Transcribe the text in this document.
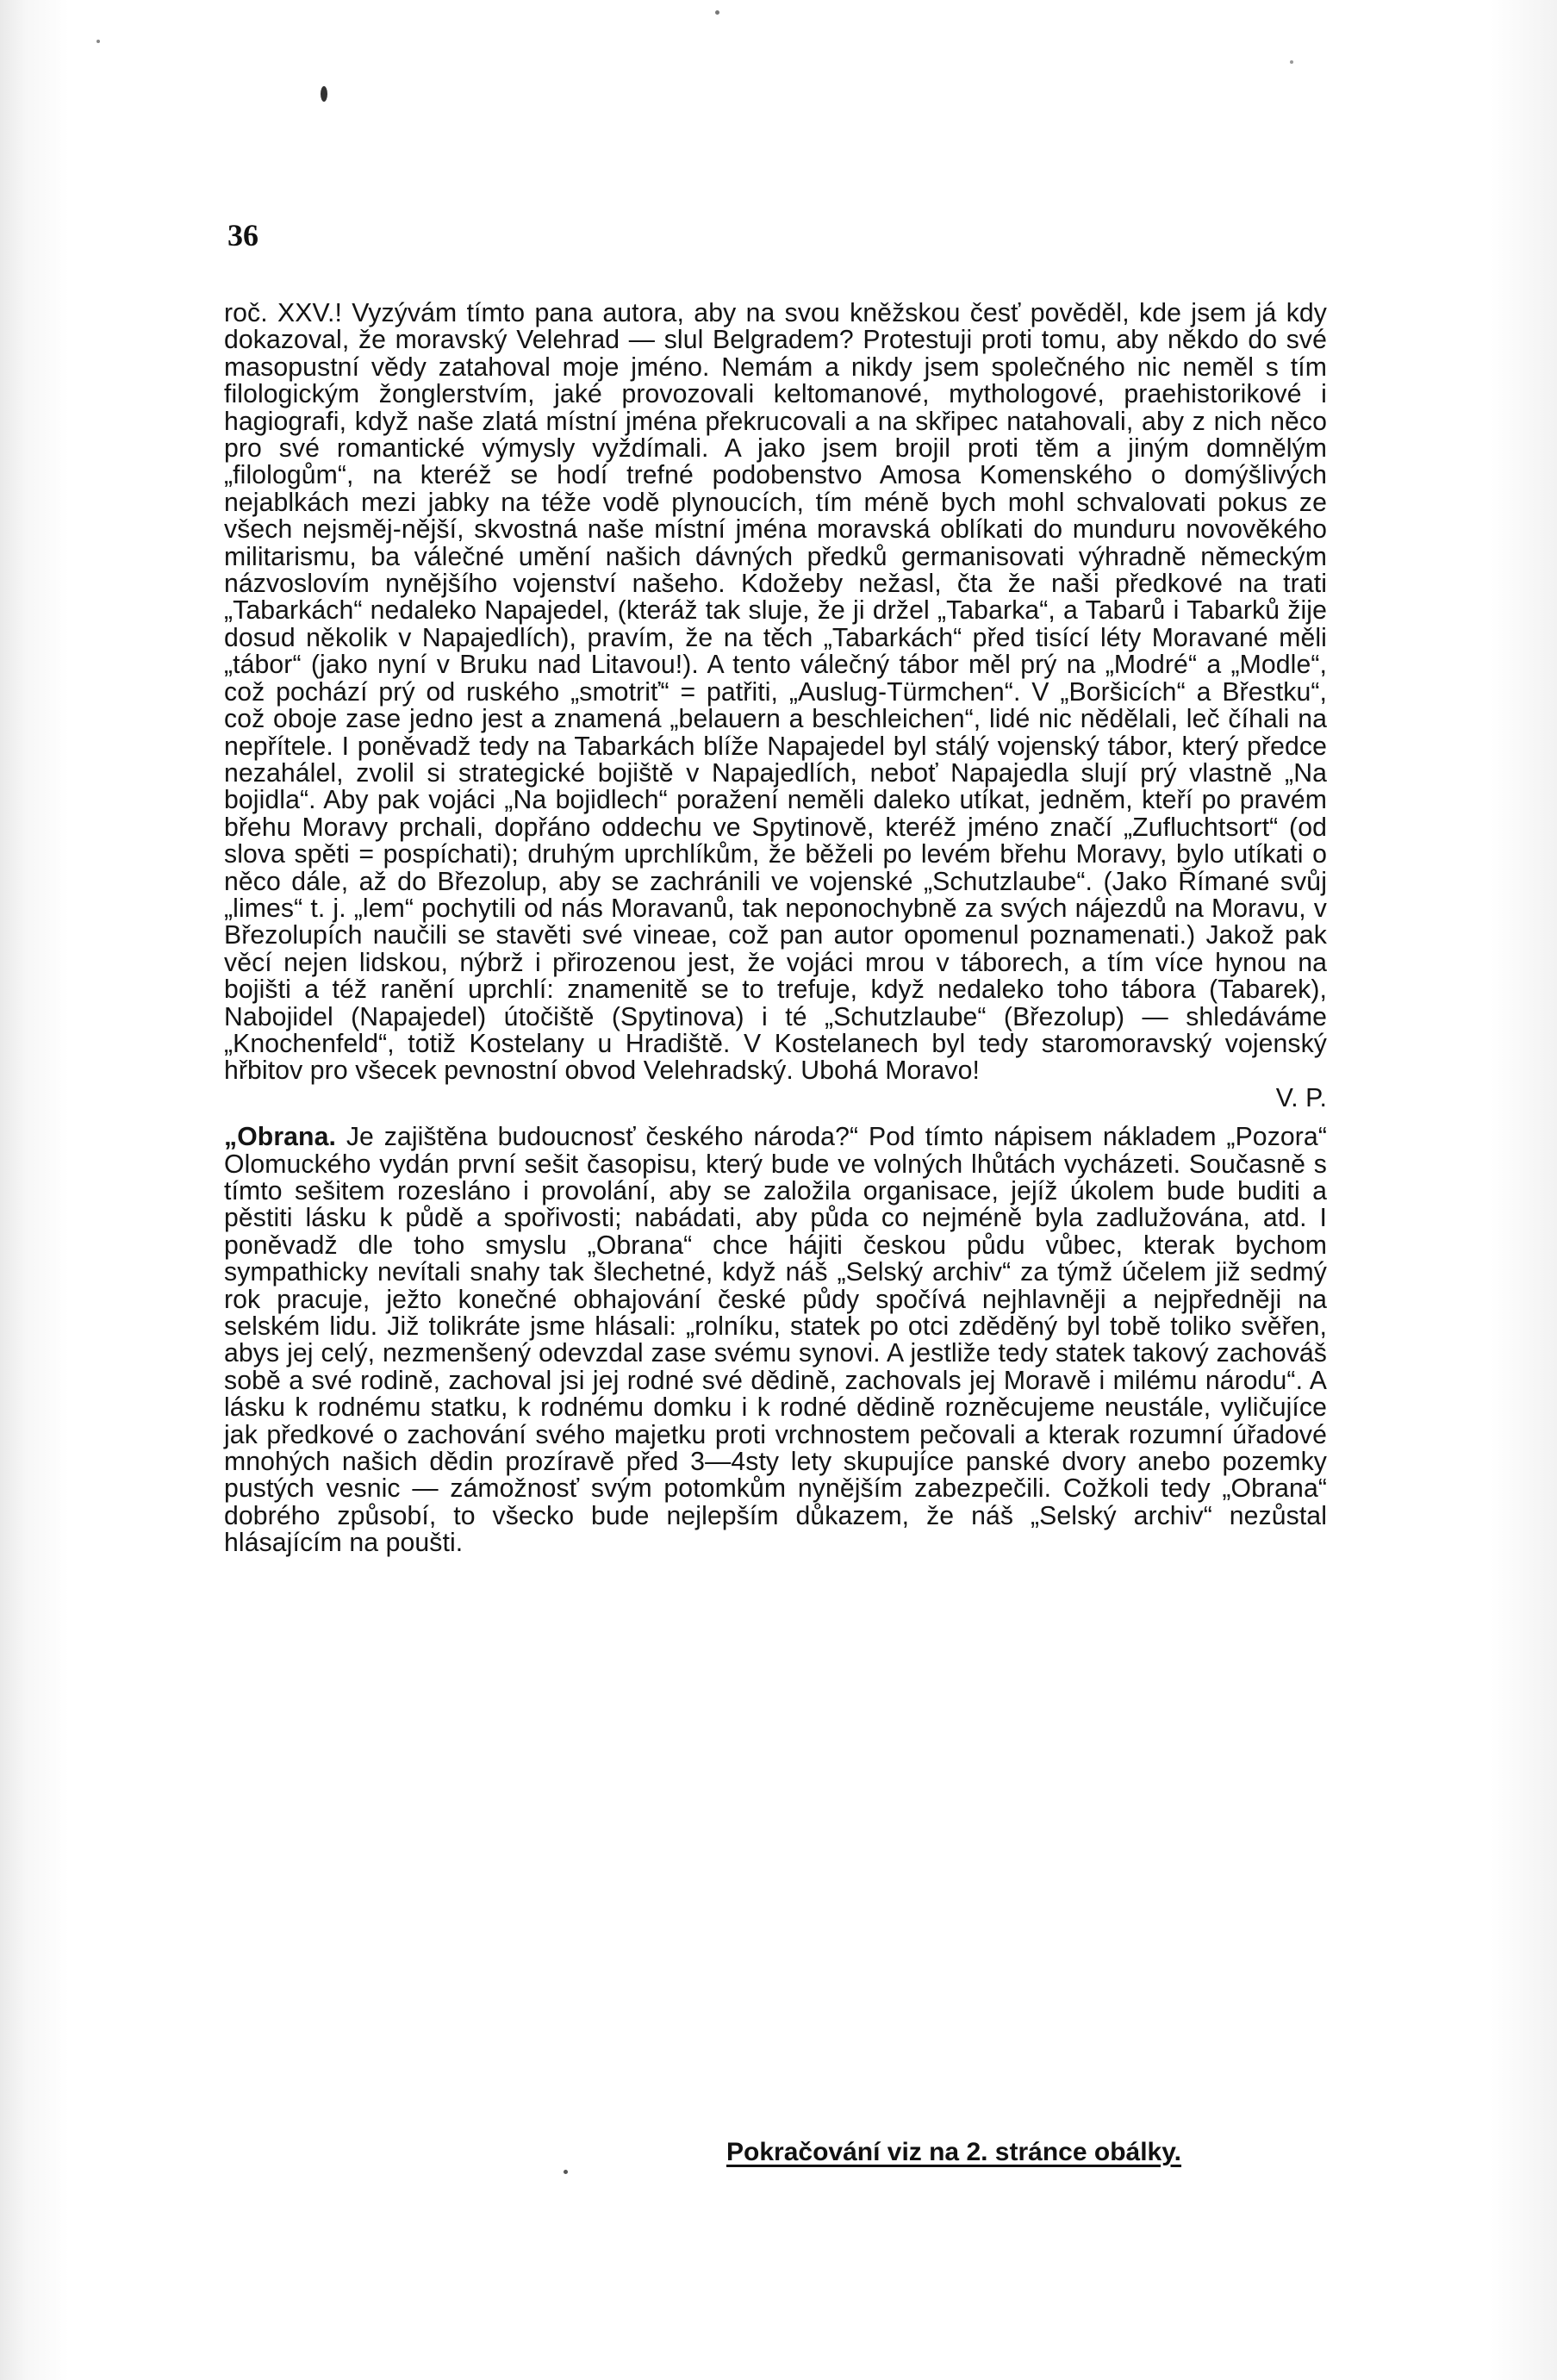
36

roč. XXV.! Vyzývám tímto pana autora, aby na svou kněžskou česť pověděl, kde jsem já kdy dokazoval, že moravský Velehrad — slul Belgradem? Protestuji proti tomu, aby někdo do své masopustní vědy zatahoval moje jméno. Nemám a nikdy jsem společného nic neměl s tím filologickým žonglerstvím, jaké provozovali keltomanové, mythologové, praehistorikové i hagiografi, když naše zlatá místní jména překrucovali a na skřipec natahovali, aby z nich něco pro své romantické výmysly vyždímali. A jako jsem brojil proti těm a jiným domnělým „filologům“, na kteréž se hodí trefné podobenstvo Amosa Komenského o domýšlivých nejablkách mezi jabky na téže vodě plynoucích, tím méně bych mohl schvalovati pokus ze všech nejsměj-nější, skvostná naše místní jména moravská oblíkati do munduru novověkého militarismu, ba válečné umění našich dávných předků germanisovati výhradně německým názvoslovím nynějšího vojenství našeho. Kdožeby nežasl, čta že naši předkové na trati „Tabarkách“ nedaleko Napajedel, (kteráž tak sluje, že ji držel „Tabarka“, a Tabarů i Tabarků žije dosud několik v Napajedlích), pravím, že na těch „Tabarkách“ před tisící léty Moravané měli „tábor“ (jako nyní v Bruku nad Litavou!). A tento válečný tábor měl prý na „Modré“ a „Modle“, což pochází prý od ruského „smotriť“ = patřiti, „Auslug-Türmchen“. V „Boršicích“ a Břestku“, což oboje zase jedno jest a znamená „belauern a beschleichen“, lidé nic nědělali, leč číhali na nepřítele. I poněvadž tedy na Tabarkách blíže Napajedel byl stálý vojenský tábor, který předce nezahálel, zvolil si strategické bojiště v Napajedlích, neboť Napajedla slují prý vlastně „Na bojidla“. Aby pak vojáci „Na bojidlech“ poražení neměli daleko utíkat, jedněm, kteří po pravém břehu Moravy prchali, dopřáno oddechu ve Spytinově, kteréž jméno značí „Zufluchtsort“ (od slova spěti = pospíchati); druhým uprchlíkům, že běželi po levém břehu Moravy, bylo utíkati o něco dále, až do Březolup, aby se zachránili ve vojenské „Schutzlaube“. (Jako Římané svůj „limes“ t. j. „lem“ pochytili od nás Moravanů, tak neponochybně za svých nájezdů na Moravu, v Březolupích naučili se stavěti své vineae, což pan autor opomenul poznamenati.) Jakož pak věcí nejen lidskou, nýbrž i přirozenou jest, že vojáci mrou v táborech, a tím více hynou na bojišti a též ranění uprchlí: znamenitě se to trefuje, když nedaleko toho tábora (Tabarek), Nabojidel (Napajedel) útočiště (Spytinova) i té „Schutzlaube“ (Březolup) — shledáváme „Knochenfeld“, totiž Kostelany u Hradiště. V Kostelanech byl tedy staromoravský vojenský hřbitov pro všecek pevnostní obvod Velehradský. Ubohá Moravo!
V. P.

„Obrana. Je zajištěna budoucnosť českého národa?“ Pod tímto nápisem nákladem „Pozora“ Olomuckého vydán první sešit časopisu, který bude ve volných lhůtách vycházeti. Současně s tímto sešitem rozesláno i provolání, aby se založila organisace, jejíž úkolem bude buditi a pěstiti lásku k půdě a spořivosti; nabádati, aby půda co nejméně byla zadlužována, atd. I poněvadž dle toho smyslu „Obrana“ chce hájiti českou půdu vůbec, kterak bychom sympathicky nevítali snahy tak šlechetné, když náš „Selský archiv“ za týmž účelem již sedmý rok pracuje, ježto konečné obhajování české půdy spočívá nejhlavněji a nejpředněji na selském lidu. Již tolikráte jsme hlásali: „rolníku, statek po otci zděděný byl tobě toliko svěřen, abys jej celý, nezmenšený odevzdal zase svému synovi. A jestliže tedy statek takový zachováš sobě a své rodině, zachoval jsi jej rodné své dědině, zachovals jej Moravě i milému národu“. A lásku k rodnému statku, k rodnému domku i k rodné dědině rozněcujeme neustále, vyličujíce jak předkové o zachování svého majetku proti vrchnostem pečovali a kterak rozumní úřadové mnohých našich dědin prozíravě před 3—4sty lety skupujíce panské dvory anebo pozemky pustých vesnic — zámožnosť svým potomkům nynějším zabezpečili. Cožkoli tedy „Obrana“ dobrého způsobí, to všecko bude nejlepším důkazem, že náš „Selský archiv“ nezůstal hlásajícím na poušti.

Pokračování viz na 2. stránce obálky.
